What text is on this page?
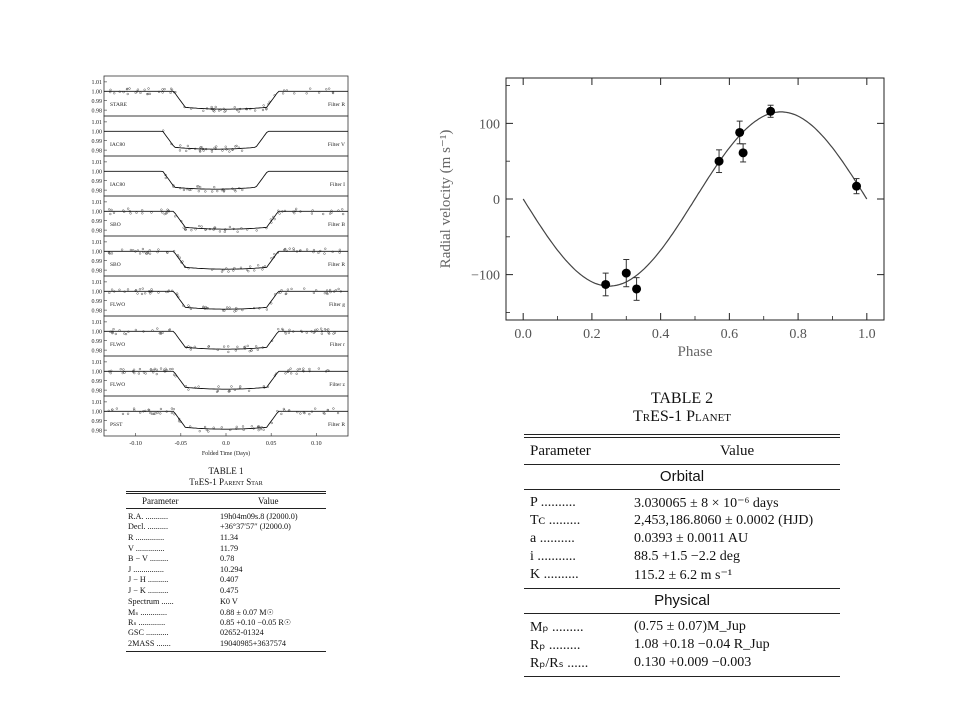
1.01
1.00
0.99
0.98
STARE	Filter R
1.01
1.00
0.99
0.98
IAC80	Filter V
1.01
1.00
0.99
0.98
IAC80	Filter I
1.01
1.00
0.99
0.98
SBO	Filter B
1.01
1.00
0.99
0.98
SBO	Filter R
1.01
1.00
0.99
0.98
FLWO	Filter g
1.01
1.00
0.99
0.98
FLWO	Filter r
1.01
1.00
0.99
0.98
FLWO	Filter z
1.01
1.00
0.99
0.98
PSST	Filter R
-0.10	-0.05	0.0	0.05	0.10
Folded Time (Days)
0.0	0.2	0.4	0.6	0.8	1.0
−100
0
100
Phase
Radial velocity (m s⁻¹)
TABLE 1
TrES-1 Parent Star
Parameter	Value
R.A. ...........	19h04m09s.8 (J2000.0)
Decl. ..........	+36°37′57″ (J2000.0)
R ..............	11.34
V ..............	11.79
B − V .........	0.78
J ...............	10.294
J − H ..........	0.407
J − K ..........	0.475
Spectrum ......	K0 V
Mₛ .............	0.88 ± 0.07 M☉
Rₛ .............	0.85 +0.10 −0.05 R☉
GSC ...........	02652-01324
2MASS .......	19040985+3637574
TABLE 2
TrES-1 Planet
Parameter	Value
Orbital
P ..........	3.030065 ± 8 × 10⁻⁶ days
Tᴄ .........	2,453,186.8060 ± 0.0002 (HJD)
a ..........	0.0393 ± 0.0011 AU
i ...........	88.5 +1.5 −2.2 deg
K ..........	115.2 ± 6.2 m s⁻¹
Physical
Mₚ .........	(0.75 ± 0.07)M_Jup
Rₚ .........	1.08 +0.18 −0.04 R_Jup
Rₚ/Rₛ ......	0.130 +0.009 −0.003
